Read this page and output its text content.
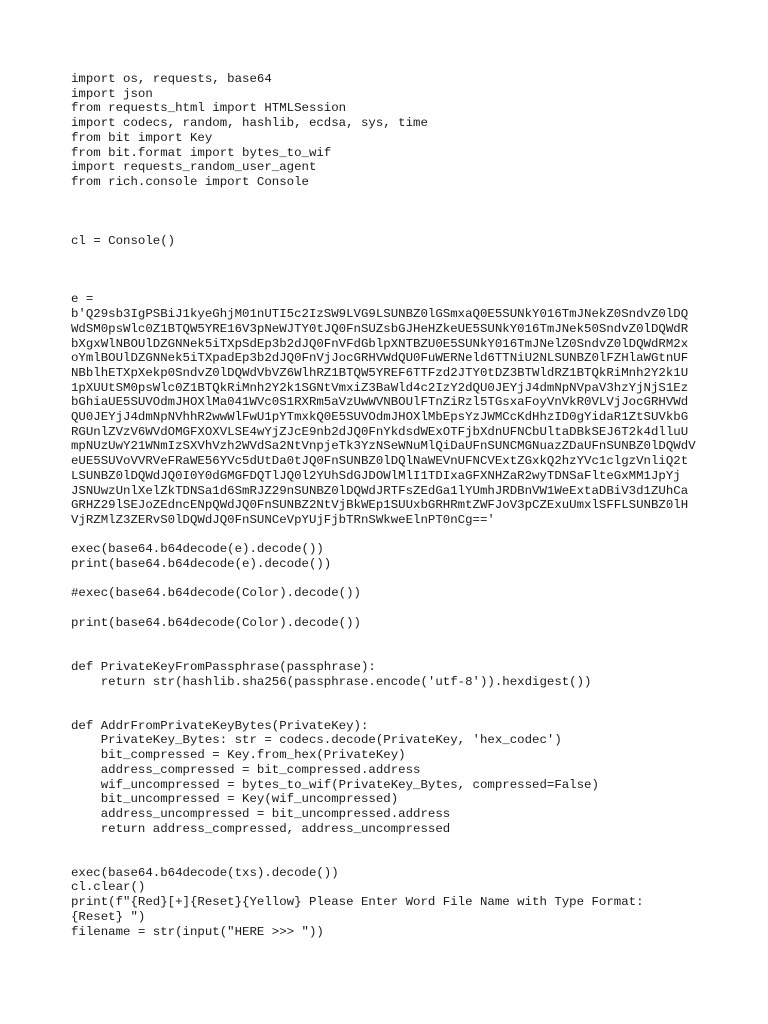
import os, requests, base64
import json
from requests_html import HTMLSession
import codecs, random, hashlib, ecdsa, sys, time
from bit import Key
from bit.format import bytes_to_wif
import requests_random_user_agent
from rich.console import Console
cl = Console()
e =
b'Q29sb3IgPSBiJ1kyeGhjM01nUTI5c2IzSW9LVG9LSUNBZ0lGSmxaQ0E5SUNkY016TmJNekZ0SndvZ0lDQ
WdSM0psWlc0Z1BTQW5YRE16V3pNeWJTY0tJQ0FnSUZsbGJHeHZkeUE5SUNkY016TmJNek50SndvZ0lDQWdR
bXgxWlNBOUlDZGNNek5iTXpSdEp3b2dJQ0FnVFdGblpXNTBZU0E5SUNkY016TmJNelZ0SndvZ0lDQWdRM2x
oYmlBOUlDZGNNek5iTXpadEp3b2dJQ0FnVjJocGRHVWdQU0FuWERNeld6TTNiU2NLSUNBZ0lFZHlaWGtnUF
NBblhETXpXekp0SndvZ0lDQWdVbVZ6WlhRZ1BTQW5YREF6TTFzd2JTY0tDZ3BTWldRZ1BTQkRiMnh2Y2k1U
1pXUUtSM0psWlc0Z1BTQkRiMnh2Y2k1SGNtVmxiZ3BaWld4c2IzY2dQU0JEYjJ4dmNpNVpaV3hzYjNjS1Ez
bGhiaUE5SUVOdmJHOXlMa041WVc0S1RXRm5aVzUwWVNBOUlFTnZiRzl5TGsxaFoyVnVkR0VLVjJocGRHVWd
QU0JEYjJ4dmNpNVhhR2wwWlFwU1pYTmxkQ0E5SUVOdmJHOXlMbEpsYzJWMCcKdHhzID0gYidaR1ZtSUVkbG
RGUnlZVzV6WVdOMGFXOXVLSE4wYjZJcE9nb2dJQ0FnYkdsdWExOTFjbXdnUFNCbUltaDBkSEJ6T2k4dlluU
mpNUzUwY21WNmIzSXVhVzh2WVdSa2NtVnpjeTk3YzNSeWNuMlQiDaUFnSUNCMGNuazZDaUFnSUNBZ0lDQWdV
eUE5SUVoVVRVeFRaWE56YVc5dUtDa0tJQ0FnSUNBZ0lDQlNaWEVnUFNCVExtZGxkQ2hzYVc1clgzVnliQ2t
LSUNBZ0lDQWdJQ0I0Y0dGMGFDQTlJQ0l2YUhSdGJDOWlMlI1TDIxaGFXNHZaR2wyTDNSaFlteGxMM1JpYj
JSNUwzUnlXelZkTDNSa1d6SmRJZ29nSUNBZ0lDQWdJRTFsZEdGa1lYUmhJRDBnVW1WeExtaDBiV3d1ZUhCa
GRHZ29lSEJoZEdncENpQWdJQ0FnSUNBZ2NtVjBkWEp1SUUxbGRHRmtZWFJoV3pCZExuUmxlSFFLSUNBZ0lH
VjRZMlZ3ZERvS0lDQWdJQ0FnSUNCeVpYUjFjbTRnSWkweElnPT0nCg=='
exec(base64.b64decode(e).decode())
print(base64.b64decode(e).decode())
#exec(base64.b64decode(Color).decode())
print(base64.b64decode(Color).decode())
def PrivateKeyFromPassphrase(passphrase):
return str(hashlib.sha256(passphrase.encode('utf-8')).hexdigest())
def AddrFromPrivateKeyBytes(PrivateKey):
PrivateKey_Bytes: str = codecs.decode(PrivateKey, 'hex_codec')
bit_compressed = Key.from_hex(PrivateKey)
address_compressed = bit_compressed.address
wif_uncompressed = bytes_to_wif(PrivateKey_Bytes, compressed=False)
bit_uncompressed = Key(wif_uncompressed)
address_uncompressed = bit_uncompressed.address
return address_compressed, address_uncompressed
exec(base64.b64decode(txs).decode())
cl.clear()
print(f"{Red}[+]{Reset}{Yellow} Please Enter Word File Name with Type Format:
{Reset} ")
filename = str(input("HERE >>> "))
